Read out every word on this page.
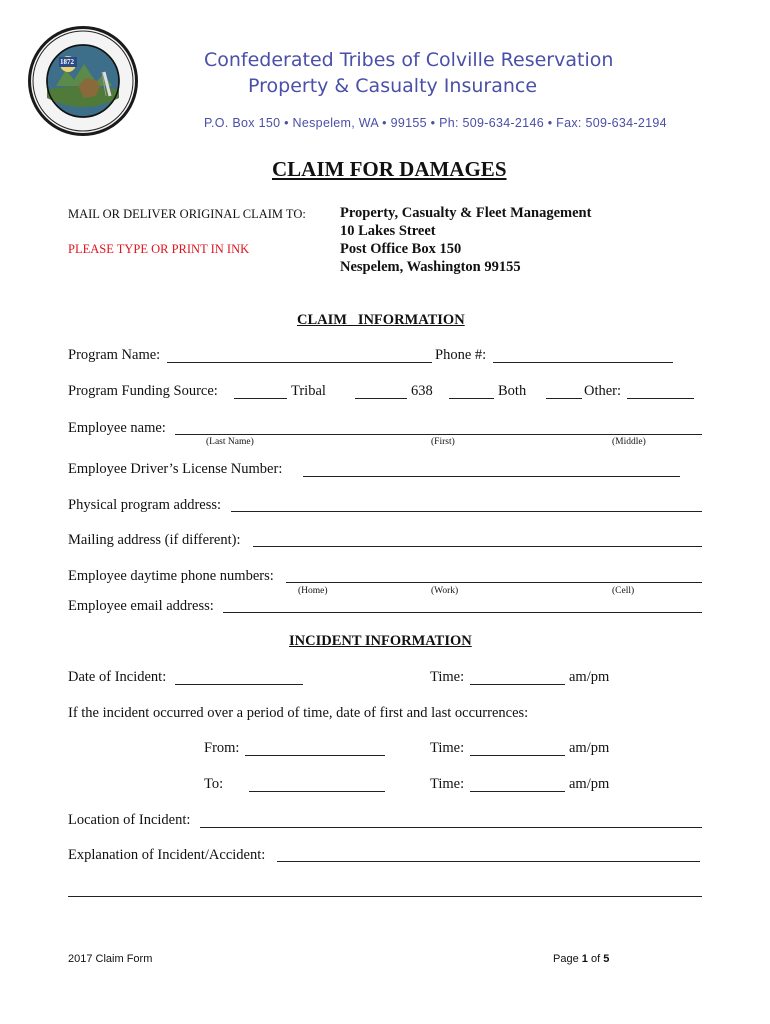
1872	Confederated Tribes of Colville Reservation
Property & Casualty Insurance
P.O. Box 150 • Nespelem, WA • 99155 • Ph: 509-634-2146 • Fax: 509-634-2194
CLAIM FOR DAMAGES
MAIL OR DELIVER ORIGINAL CLAIM TO:
PLEASE TYPE OR PRINT IN INK
Property, Casualty & Fleet Management
10 Lakes Street
Post Office Box 150
Nespelem, Washington 99155
CLAIM   INFORMATION
Program Name:	Phone #:
Program Funding Source:	Tribal	638	Both	Other:
Employee name:
(Last Name)	(First)	(Middle)
Employee Driver’s License Number:
Physical program address:
Mailing address (if different):
Employee daytime phone numbers:
(Home)	(Work)	(Cell)
Employee email address:
INCIDENT INFORMATION
Date of Incident:	Time:	am/pm
If the incident occurred over a period of time, date of first and last occurrences:
From:	Time:	am/pm
To:	Time:	am/pm
Location of Incident:
Explanation of Incident/Accident:
2017 Claim Form	Page 1 of 5
